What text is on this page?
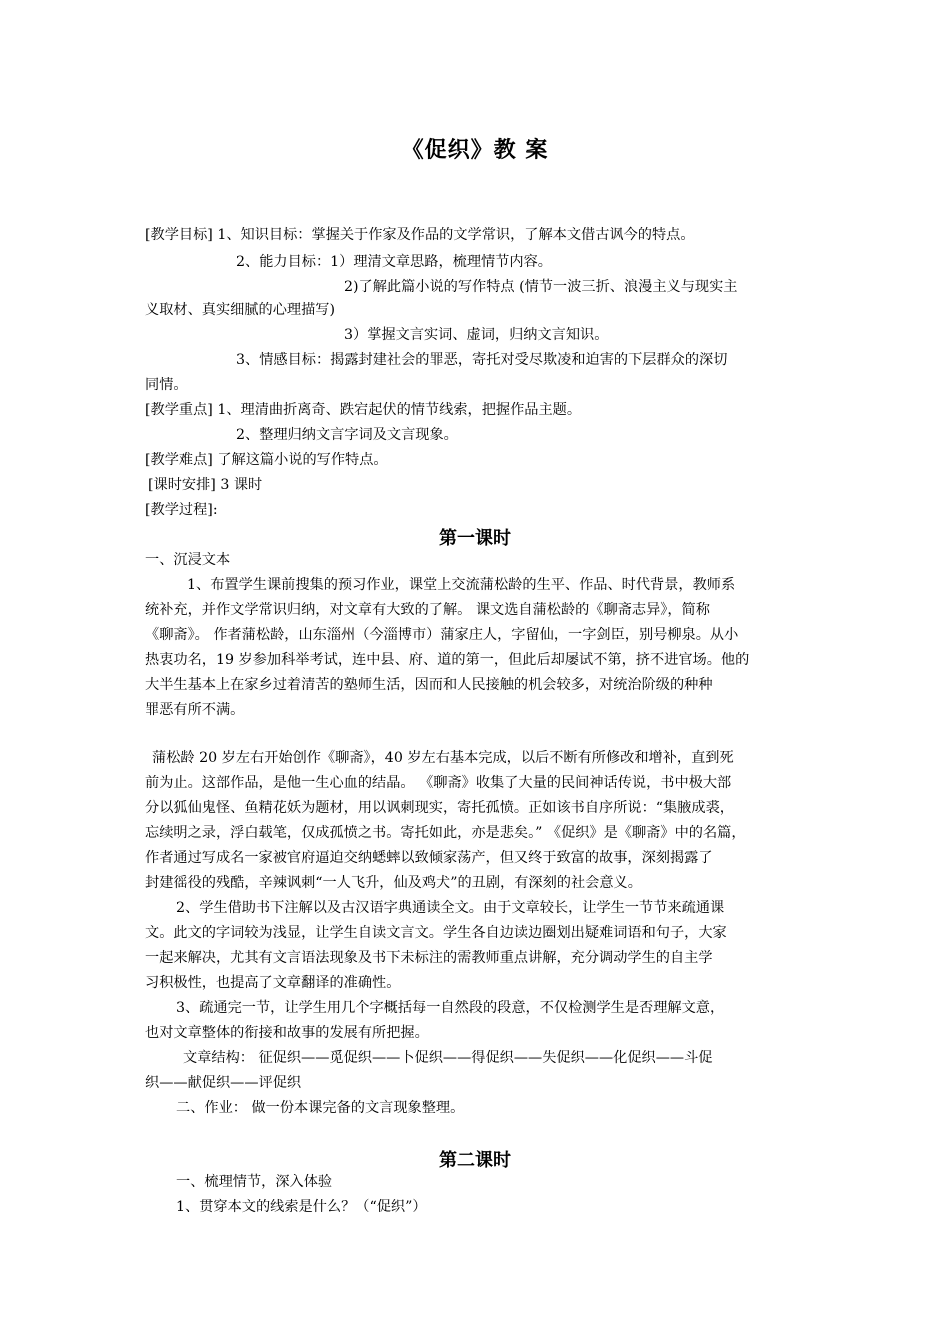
《促织》教 案
[教学目标] 1、知识目标：掌握关于作家及作品的文学常识，了解本文借古讽今的特点。
2、能力目标：1）理清文章思路，梳理情节内容。
2)了解此篇小说的写作特点 (情节一波三折、浪漫主义与现实主
义取材、真实细腻的心理描写)
3）掌握文言实词、虚词，归纳文言知识。
3、情感目标：揭露封建社会的罪恶，寄托对受尽欺凌和迫害的下层群众的深切
同情。
[教学重点] 1、理清曲折离奇、跌宕起伏的情节线索，把握作品主题。
2、整理归纳文言字词及文言现象。
[教学难点] 了解这篇小说的写作特点。
[课时安排] 3 课时
[教学过程]:
第一课时
一、沉浸文本
1、布置学生课前搜集的预习作业，课堂上交流蒲松龄的生平、作品、时代背景，教师系
统补充，并作文学常识归纳，对文章有大致的了解。 课文选自蒲松龄的《聊斋志异》，简称
《聊斋》。 作者蒲松龄，山东淄州（今淄博市）蒲家庄人，字留仙，一字剑臣，别号柳泉。从小
热衷功名，19 岁参加科举考试，连中县、府、道的第一，但此后却屡试不第，挤不进官场。他的
大半生基本上在家乡过着清苦的塾师生活，因而和人民接触的机会较多，对统治阶级的种种
罪恶有所不满。
蒲松龄 20 岁左右开始创作《聊斋》，40 岁左右基本完成，以后不断有所修改和增补，直到死
前为止。这部作品，是他一生心血的结晶。 《聊斋》收集了大量的民间神话传说，书中极大部
分以狐仙鬼怪、鱼精花妖为题材，用以讽刺现实，寄托孤愤。正如该书自序所说：“集腋成裘，
忘续明之录，浮白载笔，仅成孤愤之书。寄托如此，亦是悲矣。” 《促织》是《聊斋》中的名篇，
作者通过写成名一家被官府逼迫交纳蟋蟀以致倾家荡产，但又终于致富的故事，深刻揭露了
封建徭役的残酷，辛辣讽刺“一人飞升，仙及鸡犬”的丑剧，有深刻的社会意义。
2、学生借助书下注解以及古汉语字典通读全文。由于文章较长，让学生一节节来疏通课
文。此文的字词较为浅显，让学生自读文言文。学生各自边读边圈划出疑难词语和句子，大家
一起来解决，尤其有文言语法现象及书下未标注的需教师重点讲解，充分调动学生的自主学
习积极性，也提高了文章翻译的准确性。
3、疏通完一节，让学生用几个字概括每一自然段的段意，不仅检测学生是否理解文意，
也对文章整体的衔接和故事的发展有所把握。
文章结构： 征促织——觅促织——卜促织——得促织——失促织——化促织——斗促
织——献促织——评促织
二、作业： 做一份本课完备的文言现象整理。
第二课时
一、梳理情节，深入体验
1、贯穿本文的线索是什么？（“促织”）
